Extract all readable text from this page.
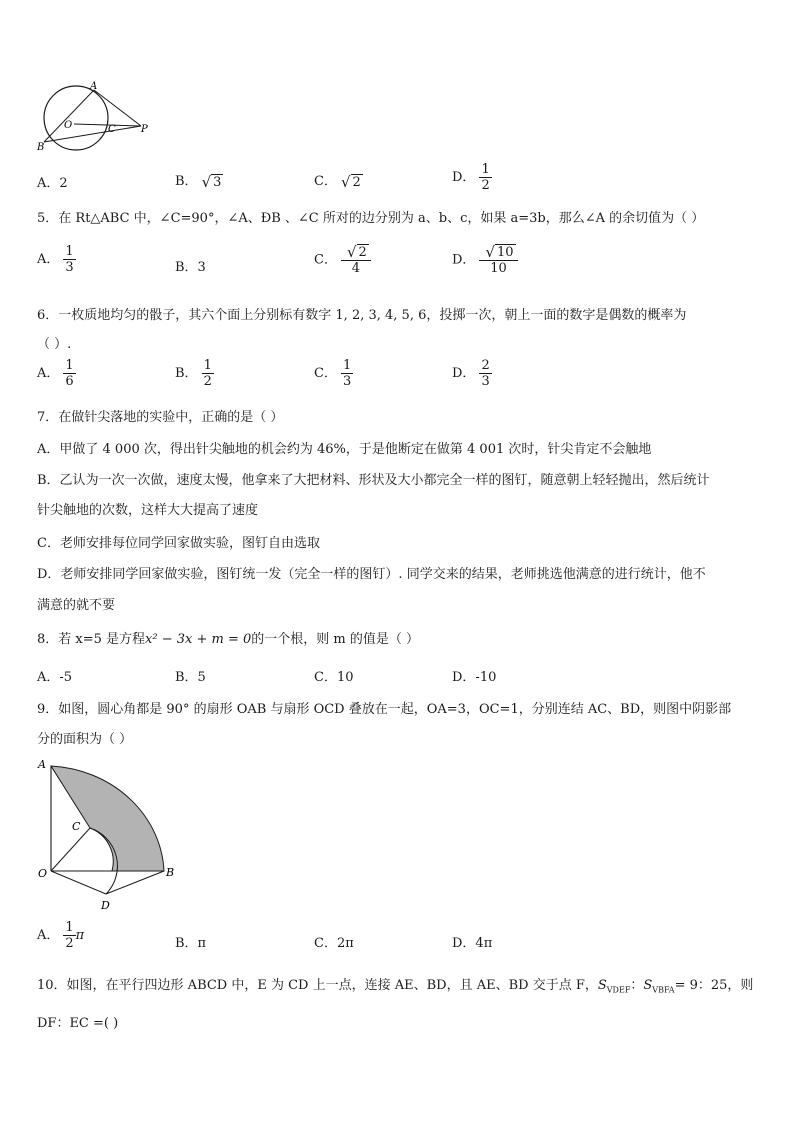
A
B
O	C	P
A．2	B． √ 3	C． √ 2	D． $\frac{1}{2}$
5．在 Rt△ABC 中，∠C=90°，∠A、ÐB 、∠C 所对的边分别为 a、b、c，如果 a=3b，那么∠A 的余切值为（ ）
A． $\frac{1}{3}$	B．3	C． $\frac{√ 2}{4}$	D． $\frac{√ 10}{10}$
6．一枚质地均匀的骰子，其六个面上分别标有数字 1, 2, 3, 4, 5, 6，投掷一次，朝上一面的数字是偶数的概率为
（ ）.
A． $\frac{1}{6}$	B． $\frac{1}{2}$	C． $\frac{1}{3}$	D． $\frac{2}{3}$
7．在做针尖落地的实验中，正确的是（ ）
A．甲做了 4 000 次，得出针尖触地的机会约为 46%，于是他断定在做第 4 001 次时，针尖肯定不会触地
B．乙认为一次一次做，速度太慢，他拿来了大把材料、形状及大小都完全一样的图钉，随意朝上轻轻抛出，然后统计
针尖触地的次数，这样大大提高了速度
C．老师安排每位同学回家做实验，图钉自由选取
D．老师安排同学回家做实验，图钉统一发（完全一样的图钉）. 同学交来的结果，老师挑选他满意的进行统计，他不
满意的就不要
8．若 x=5 是方程x² − 3x + m = 0的一个根，则 m 的值是（ ）
A．-5	B．5	C．10	D．-10
9．如图，圆心角都是 90° 的扇形 OAB 与扇形 OCD 叠放在一起，OA=3，OC=1，分别连结 AC、BD，则图中阴影部
分的面积为（ ）
A
C
O	B
D
A． $\frac{1}{2}$ π
B．π	C．2π	D．4π
10．如图，在平行四边形 ABCD 中，E 为 CD 上一点，连接 AE、BD，且 AE、BD 交于点 F，$S_{VDEF}$：$S_{VBFA}= 9$：25，则
DF：EC =( )
